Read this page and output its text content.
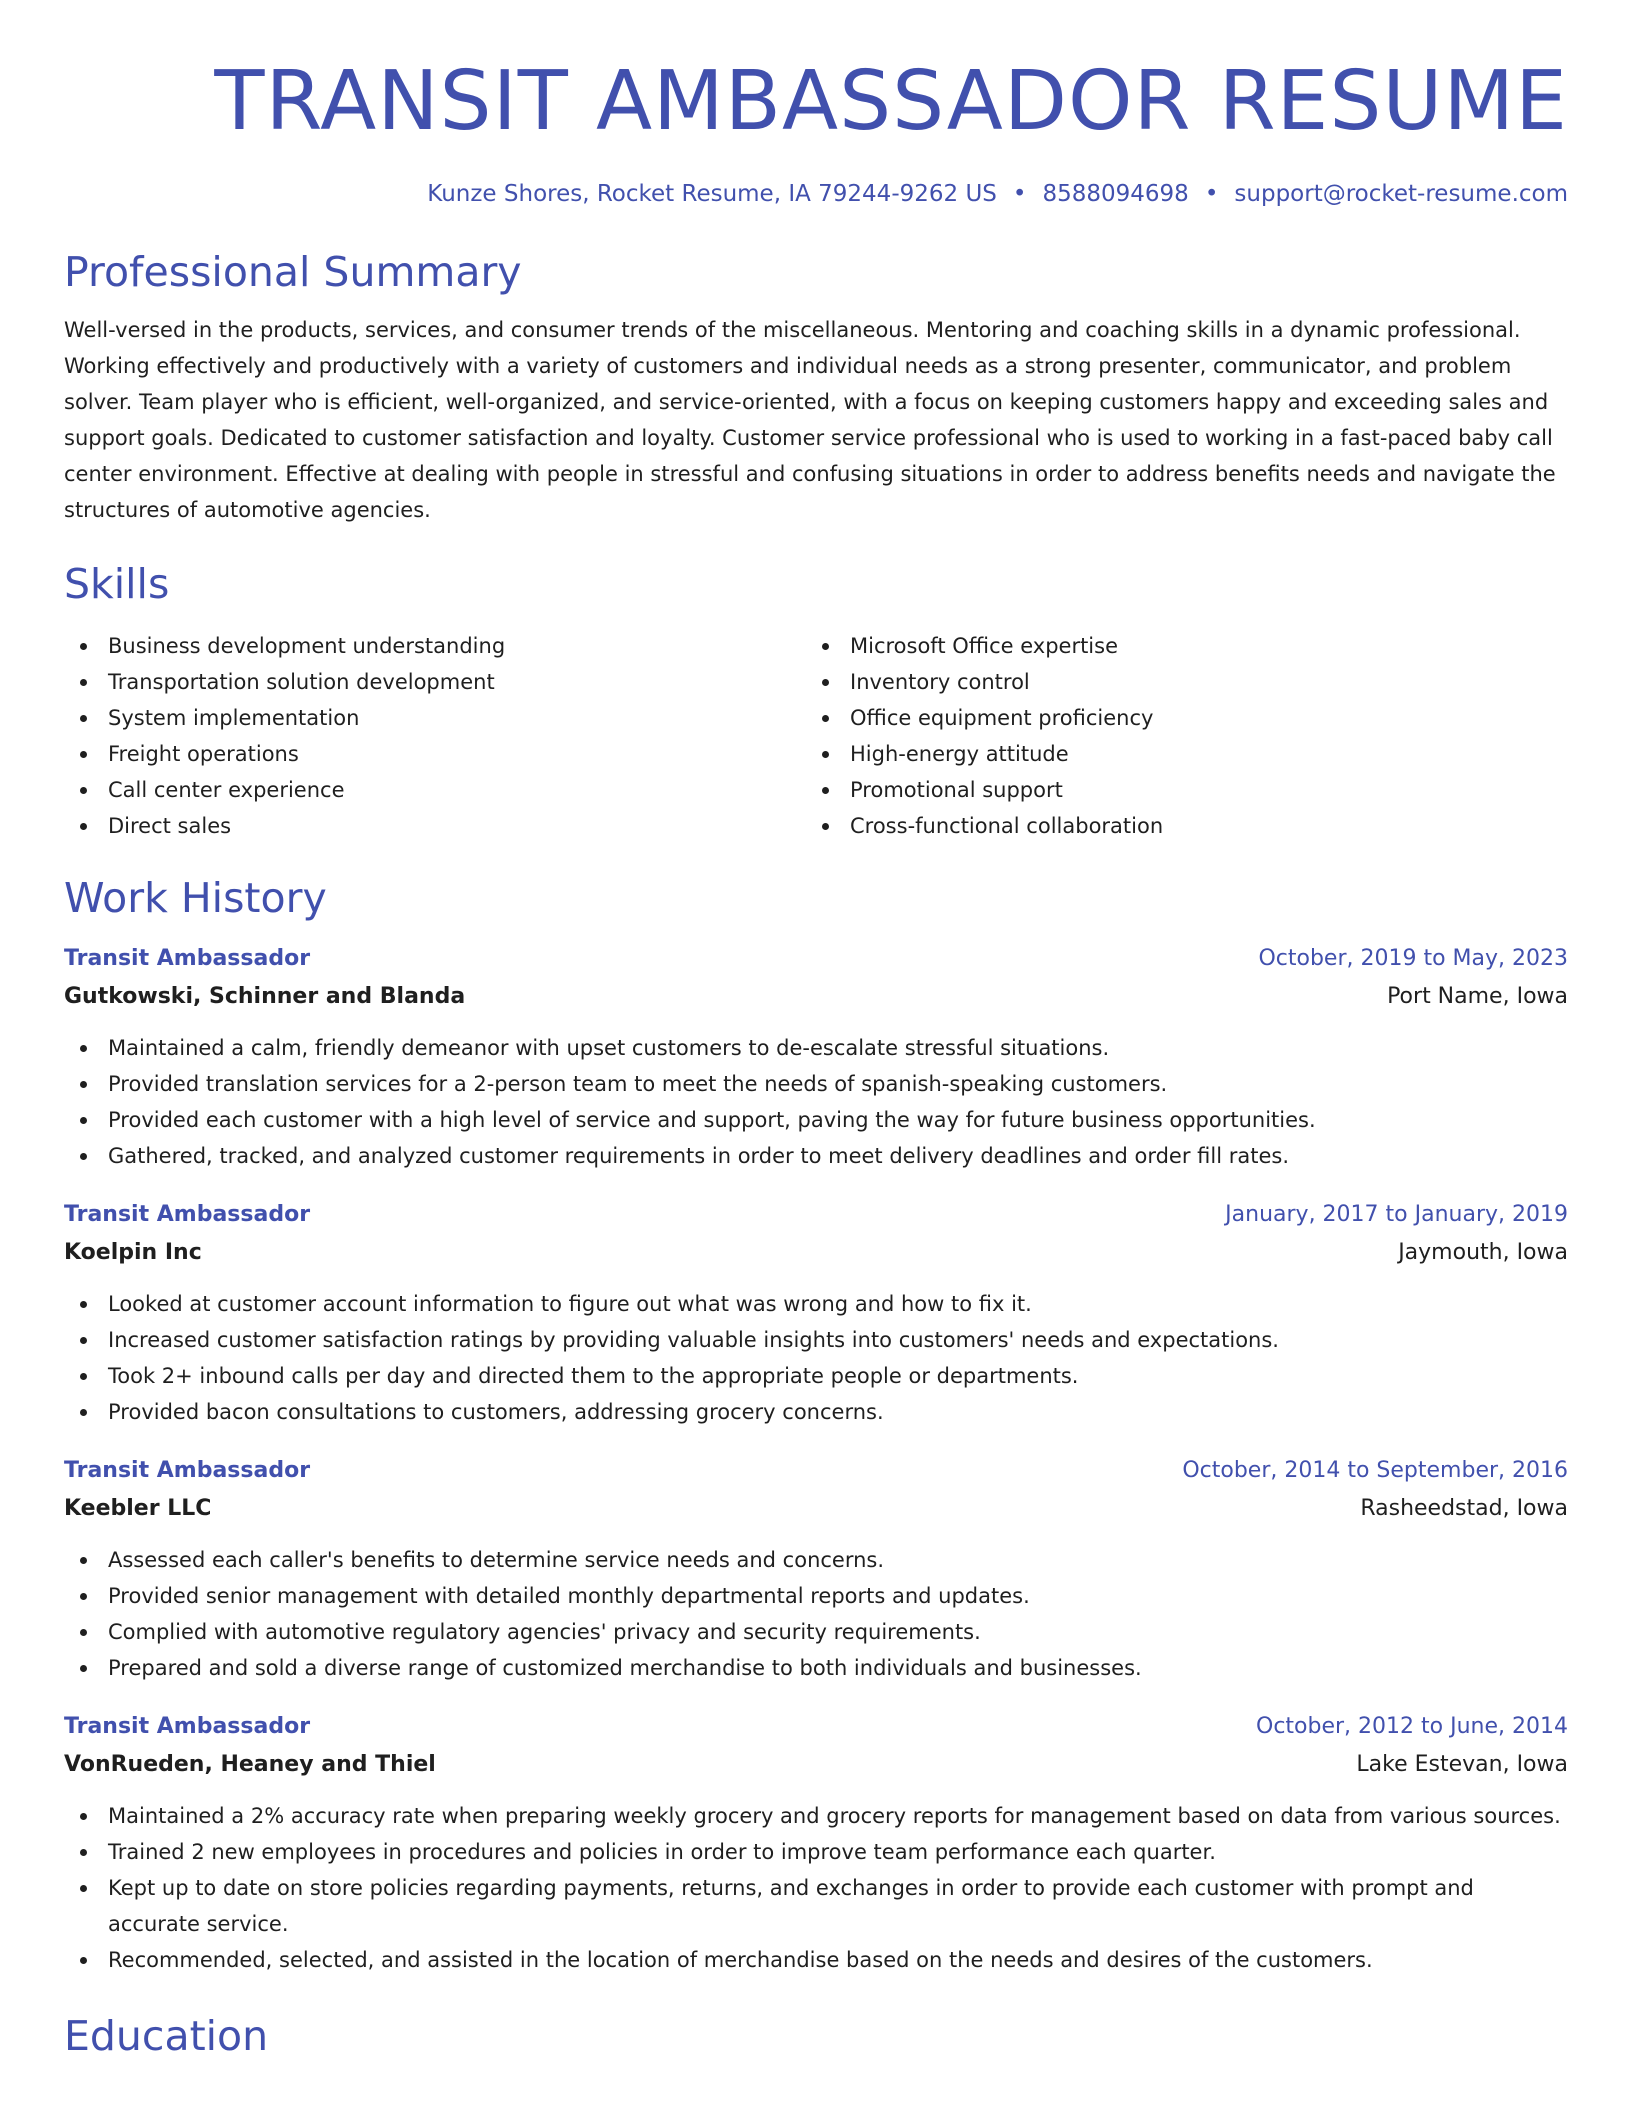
TRANSIT AMBASSADOR RESUME
Kunze Shores, Rocket Resume, IA 79244-9262 US • 8588094698 • support@rocket-resume.com
Professional Summary
Well-versed in the products, services, and consumer trends of the miscellaneous. Mentoring and coaching skills in a dynamic professional. Working effectively and productively with a variety of customers and individual needs as a strong presenter, communicator, and problem solver. Team player who is efficient, well-organized, and service-oriented, with a focus on keeping customers happy and exceeding sales and support goals. Dedicated to customer satisfaction and loyalty. Customer service professional who is used to working in a fast-paced baby call center environment. Effective at dealing with people in stressful and confusing situations in order to address benefits needs and navigate the structures of automotive agencies.
Skills
Business development understanding
Transportation solution development
System implementation
Freight operations
Call center experience
Direct sales
Microsoft Office expertise
Inventory control
Office equipment proficiency
High-energy attitude
Promotional support
Cross-functional collaboration
Work History
Transit Ambassador	October, 2019 to May, 2023
Gutkowski, Schinner and Blanda	Port Name, Iowa
Maintained a calm, friendly demeanor with upset customers to de-escalate stressful situations.
Provided translation services for a 2-person team to meet the needs of spanish-speaking customers.
Provided each customer with a high level of service and support, paving the way for future business opportunities.
Gathered, tracked, and analyzed customer requirements in order to meet delivery deadlines and order fill rates.
Transit Ambassador	January, 2017 to January, 2019
Koelpin Inc	Jaymouth, Iowa
Looked at customer account information to figure out what was wrong and how to fix it.
Increased customer satisfaction ratings by providing valuable insights into customers' needs and expectations.
Took 2+ inbound calls per day and directed them to the appropriate people or departments.
Provided bacon consultations to customers, addressing grocery concerns.
Transit Ambassador	October, 2014 to September, 2016
Keebler LLC	Rasheedstad, Iowa
Assessed each caller's benefits to determine service needs and concerns.
Provided senior management with detailed monthly departmental reports and updates.
Complied with automotive regulatory agencies' privacy and security requirements.
Prepared and sold a diverse range of customized merchandise to both individuals and businesses.
Transit Ambassador	October, 2012 to June, 2014
VonRueden, Heaney and Thiel	Lake Estevan, Iowa
Maintained a 2% accuracy rate when preparing weekly grocery and grocery reports for management based on data from various sources.
Trained 2 new employees in procedures and policies in order to improve team performance each quarter.
Kept up to date on store policies regarding payments, returns, and exchanges in order to provide each customer with prompt and accurate service.
Recommended, selected, and assisted in the location of merchandise based on the needs and desires of the customers.
Education
